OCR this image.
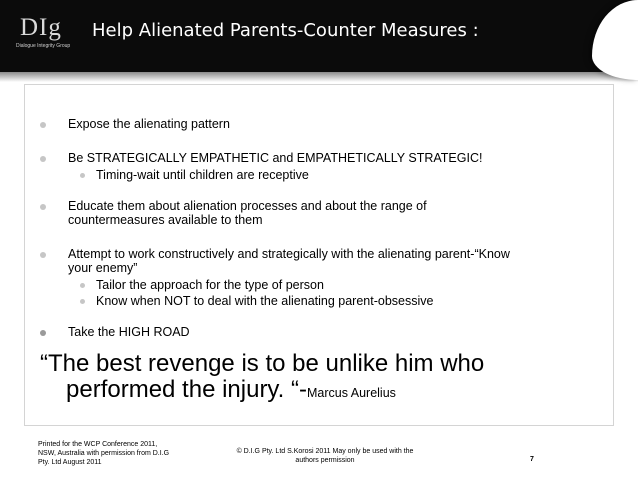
DIg
Dialogue Integrity Group
Help Alienated Parents-Counter Measures :
Expose the alienating pattern
Be STRATEGICALLY EMPATHETIC and EMPATHETICALLY STRATEGIC!
Timing-wait until children are receptive
Educate them about alienation processes and about the range of
countermeasures available to them
Attempt to work constructively and strategically with the alienating parent-“Know
your enemy”
Tailor the approach for the type of person
Know when NOT to deal with the alienating parent-obsessive
Take the HIGH ROAD
“The best revenge is to be unlike him who
performed the injury. “-Marcus Aurelius
Printed for the WCP Conference 2011,
NSW, Australia with permission from D.I.G
Pty. Ltd August 2011
© D.I.G Pty. Ltd S.Korosi 2011 May only be used with the
authors permission	7
